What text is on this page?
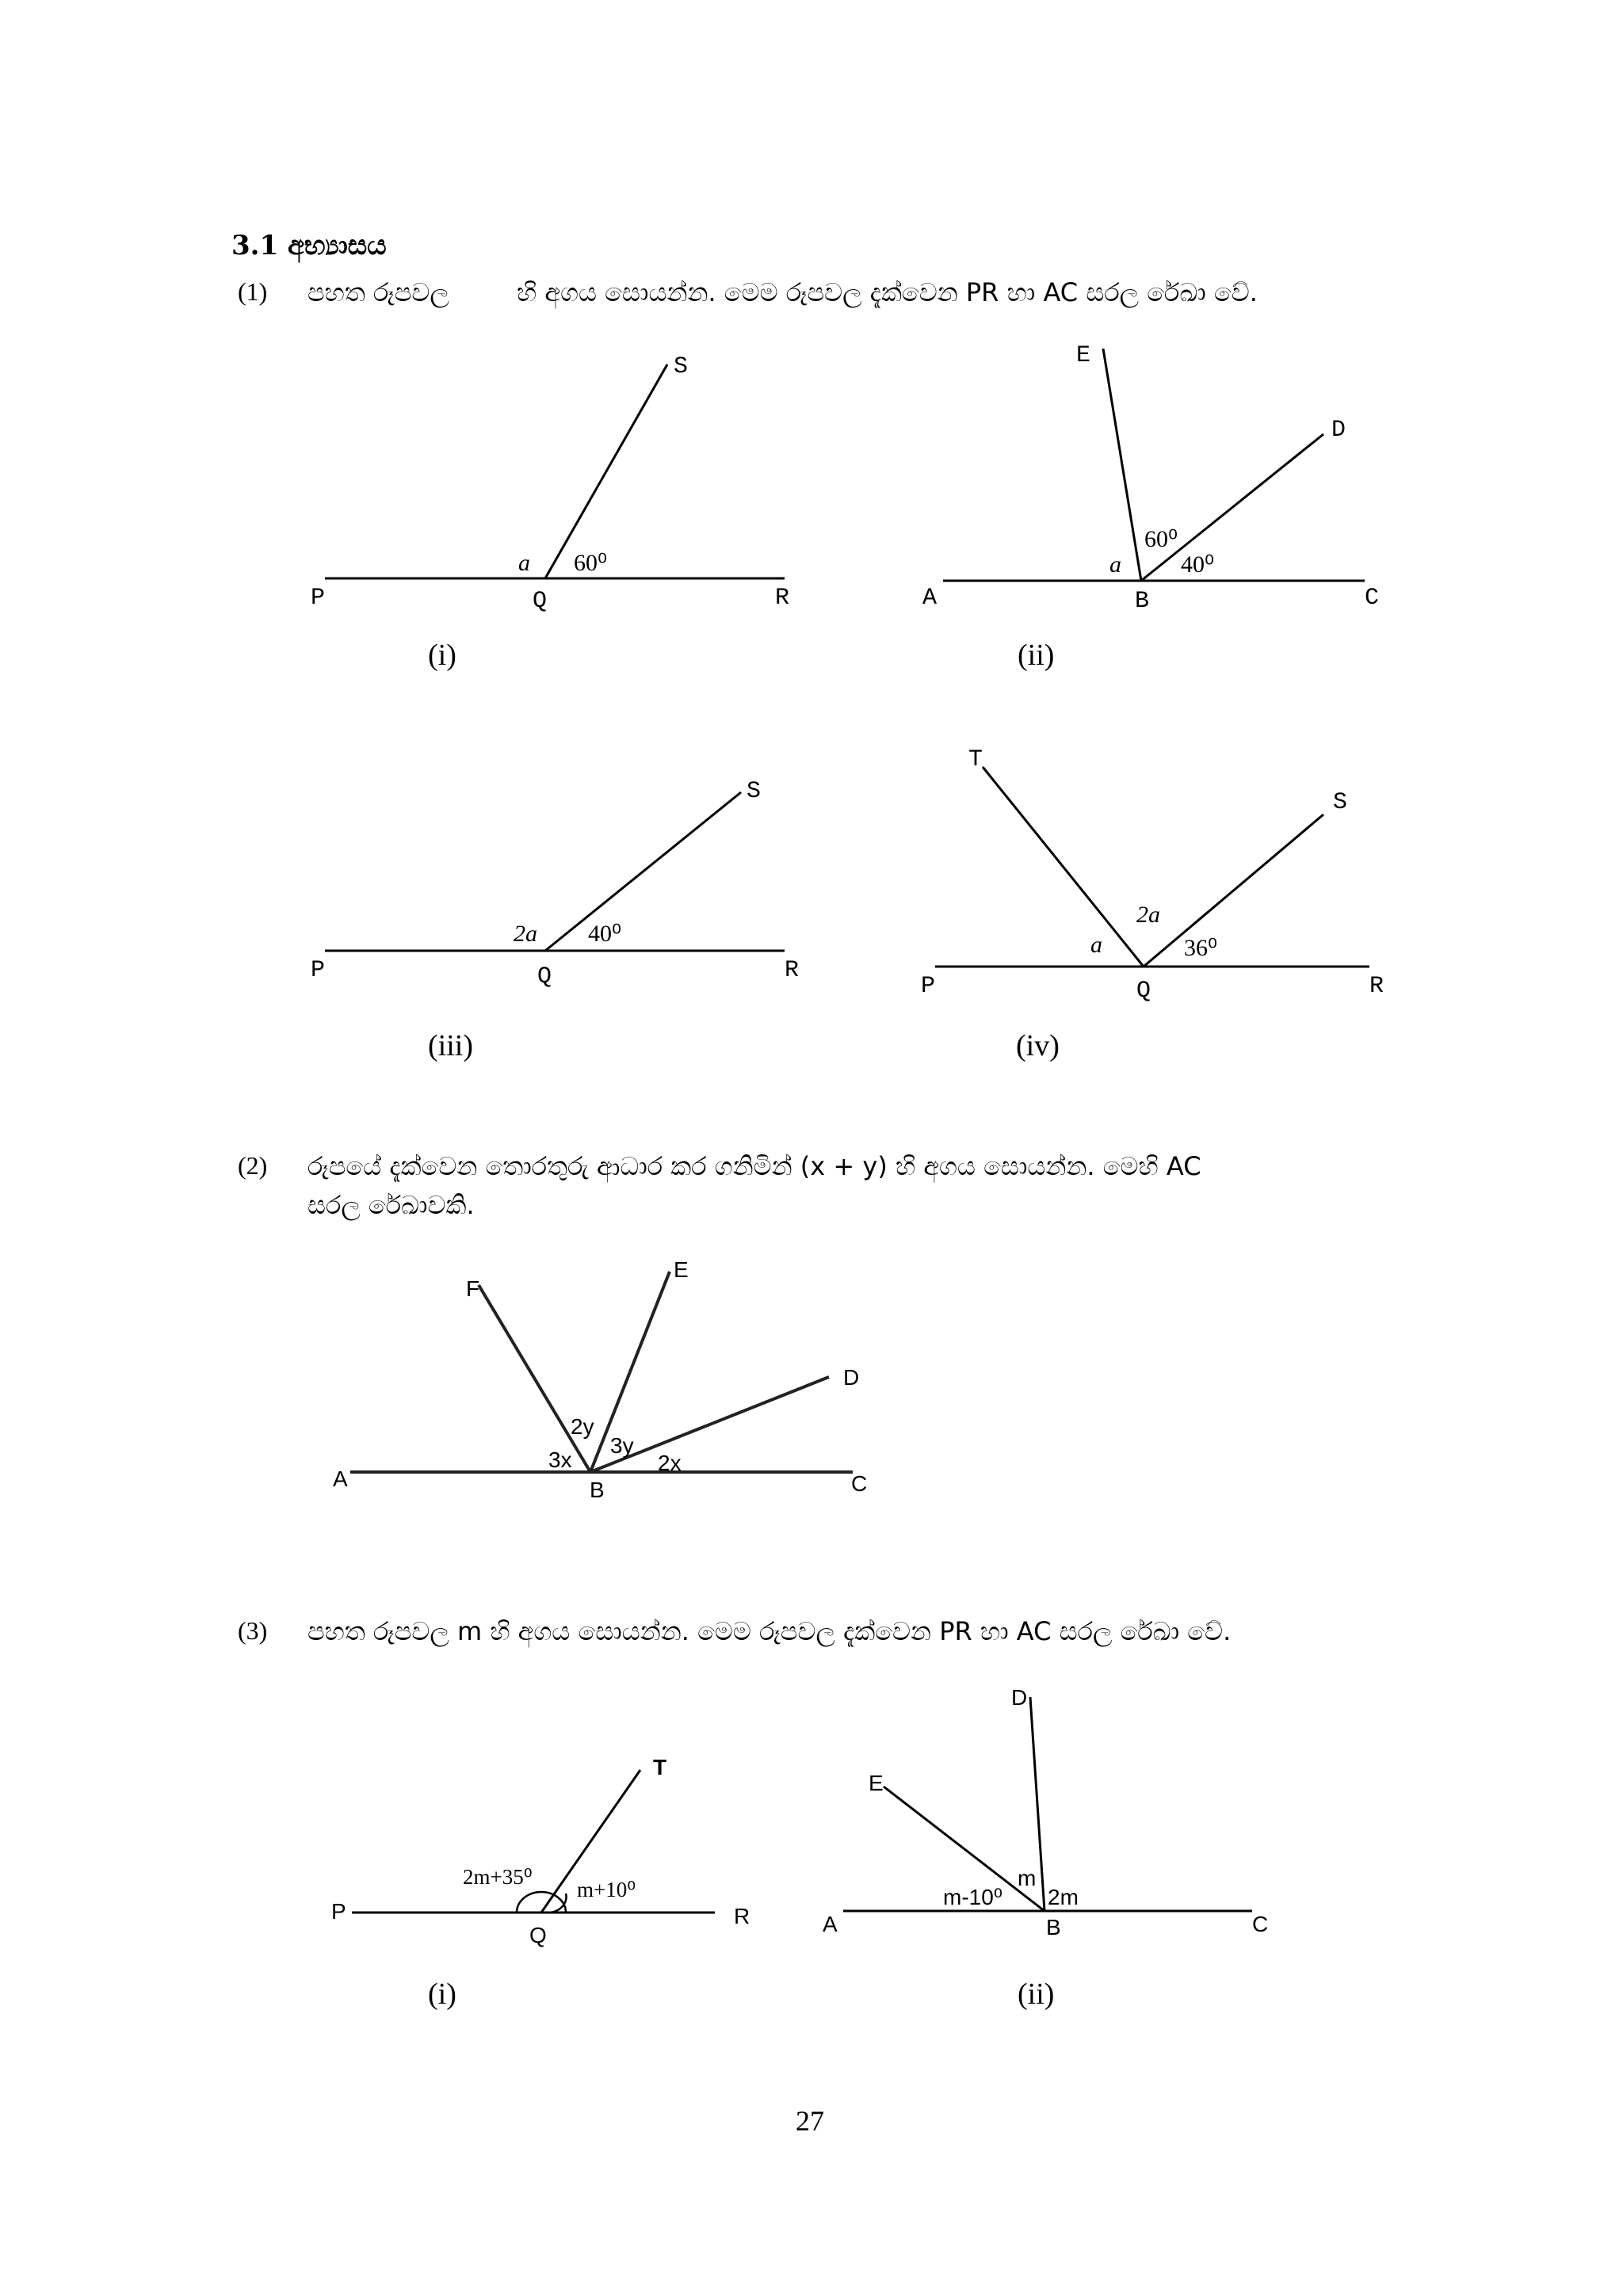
3.1 අභ්‍යාසය
(1) පහත රූපවල	හි අගය සොයන්න. මෙම රූපවල දැක්වෙන PR හා AC සරල රේඛා වේ.
(2) රූපයේ දැක්වෙන තොරතුරු ආධාර කර ගනිමින් (x + y) හි අගය සොයන්න. මෙහි AC
සරල රේඛාවකි.
(3) පහත රූපවල m හි අගය සොයන්න. මෙම රූපවල දැක්වෙන PR හා AC සරල රේඛා වේ.
(i)	(ii)
(iii)	(iv)
(i)	(ii)
P	Q	R
S
a 60⁰
A	B	C
D
E
a
60⁰
40⁰
P	Q	R
S
2a 40⁰
P	Q	R
S
T
a
2a
36⁰
A	B	C
D
E
F
3x
2y
3y
2x
P
Q
R
T
2m+35⁰
m+10⁰
A	B	C
D
E
m
m-10⁰ 2m
27
